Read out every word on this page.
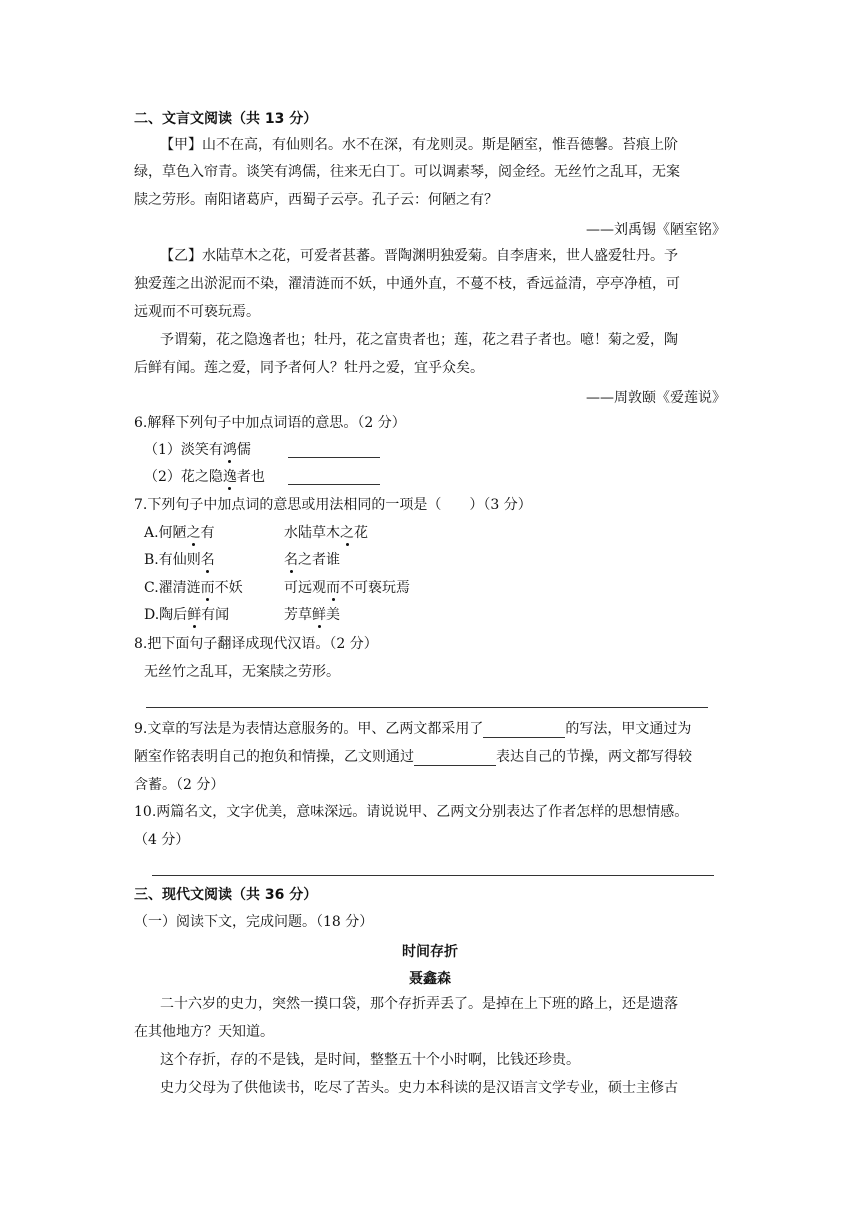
二、文言文阅读（共 13 分）
【甲】山不在高，有仙则名。水不在深，有龙则灵。斯是陋室，惟吾德馨。苔痕上阶
绿，草色入帘青。谈笑有鸿儒，往来无白丁。可以调素琴，阅金经。无丝竹之乱耳，无案
牍之劳形。南阳诸葛庐，西蜀子云亭。孔子云：何陋之有？
——刘禹锡《陋室铭》
【乙】水陆草木之花，可爱者甚蕃。晋陶渊明独爱菊。自李唐来，世人盛爱牡丹。予
独爱莲之出淤泥而不染，濯清涟而不妖，中通外直，不蔓不枝，香远益清，亭亭净植，可
远观而不可亵玩焉。
予谓菊，花之隐逸者也；牡丹，花之富贵者也；莲，花之君子者也。噫！菊之爱，陶
后鲜有闻。莲之爱，同予者何人？牡丹之爱，宜乎众矣。
——周敦颐《爱莲说》
6.解释下列句子中加点词语的意思。（2 分）
（1）淡笑有鸿儒
（2）花之隐逸者也
7.下列句子中加点词的意思或用法相同的一项是（　　）（3 分）
A.何陋之有	水陆草木之花
B.有仙则名	名之者谁
C.濯清涟而不妖	可远观而不可亵玩焉
D.陶后鲜有闻	芳草鲜美
8.把下面句子翻译成现代汉语。（2 分）
无丝竹之乱耳，无案牍之劳形。
9.文章的写法是为表情达意服务的。甲、乙两文都采用了	的写法，甲文通过为
陋室作铭表明自己的抱负和情操，乙文则通过	表达自己的节操，两文都写得较
含蓄。（2 分）
10.两篇名文，文字优美，意味深远。请说说甲、乙两文分别表达了作者怎样的思想情感。
（4 分）
三、现代文阅读（共 36 分）
（一）阅读下文，完成问题。（18 分）
时间存折
聂鑫森
二十六岁的史力，突然一摸口袋，那个存折弄丢了。是掉在上下班的路上，还是遗落
在其他地方？天知道。
这个存折，存的不是钱，是时间，整整五十个小时啊，比钱还珍贵。
史力父母为了供他读书，吃尽了苦头。史力本科读的是汉语言文学专业，硕士主修古
